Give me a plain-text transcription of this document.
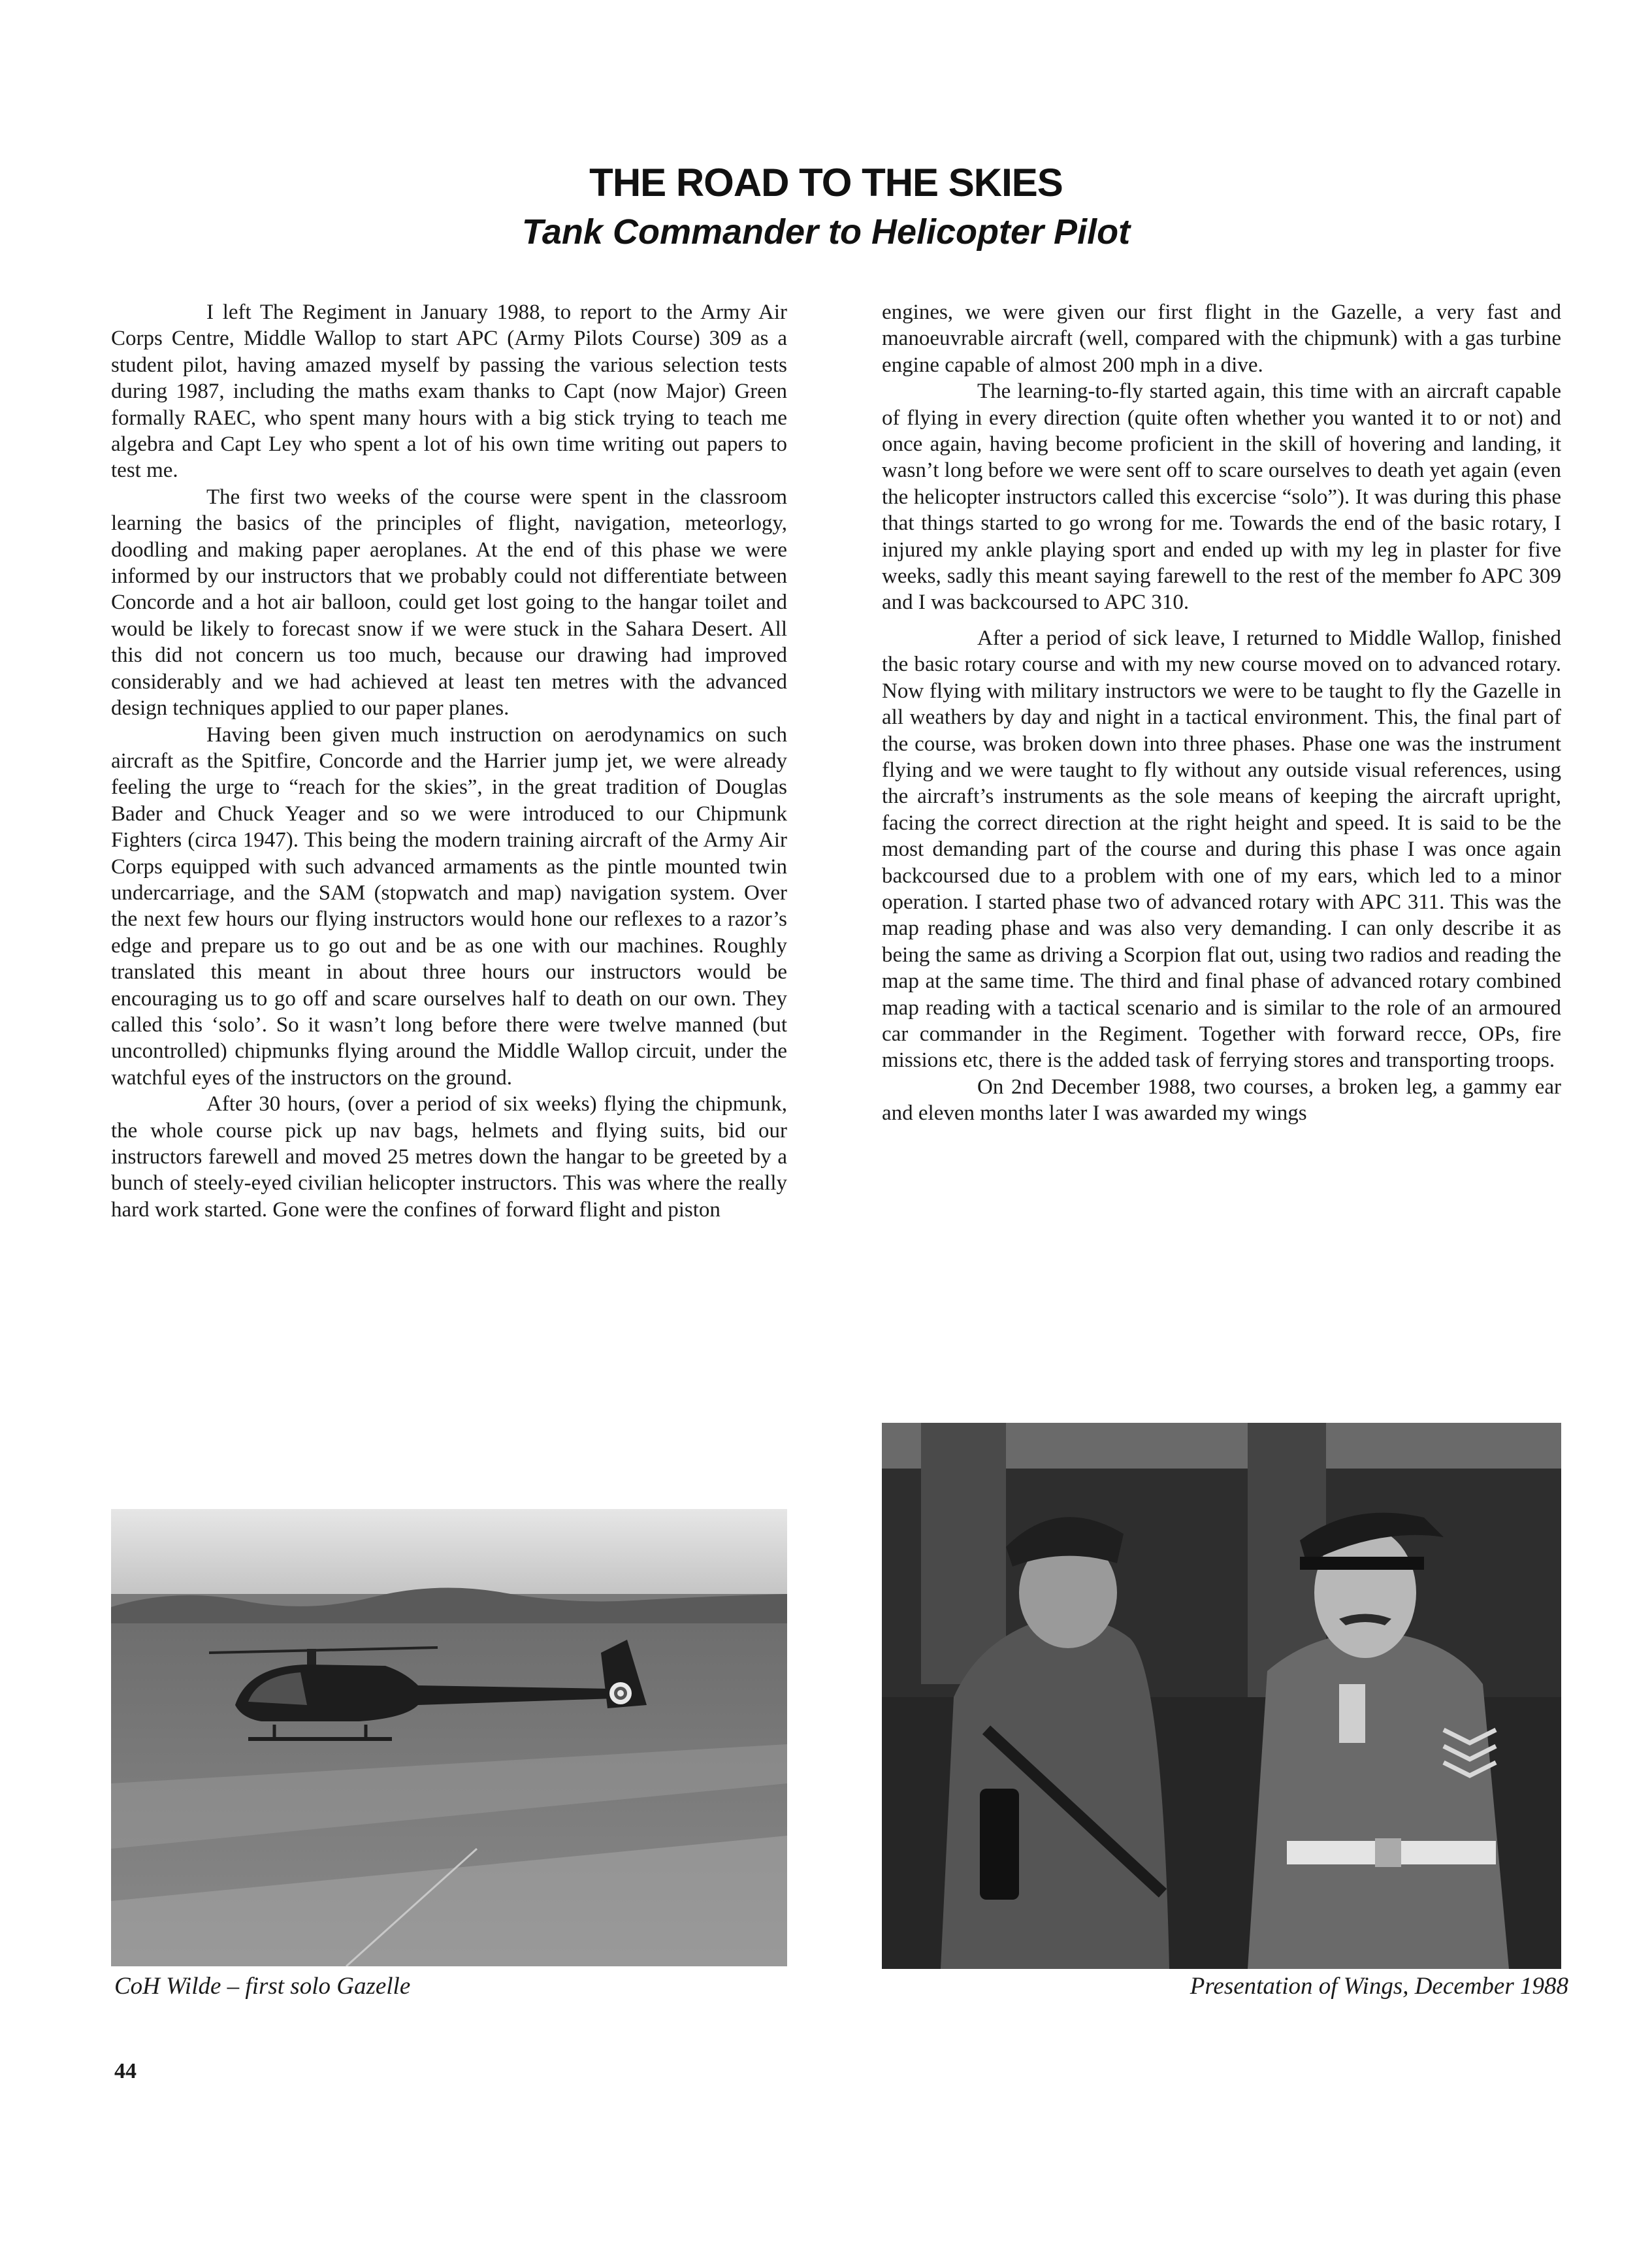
THE ROAD TO THE SKIES
Tank Commander to Helicopter Pilot

I left The Regiment in January 1988, to report to the Army Air Corps Centre, Middle Wallop to start APC (Army Pilots Course) 309 as a student pilot, having amazed myself by passing the various selection tests during 1987, including the maths exam thanks to Capt (now Major) Green formally RAEC, who spent many hours with a big stick trying to teach me algebra and Capt Ley who spent a lot of his own time writing out papers to test me.

The first two weeks of the course were spent in the classroom learning the basics of the principles of flight, navigation, meteorlogy, doodling and making paper aeroplanes. At the end of this phase we were informed by our instructors that we probably could not differentiate between Concorde and a hot air balloon, could get lost going to the hangar toilet and would be likely to forecast snow if we were stuck in the Sahara Desert. All this did not concern us too much, because our drawing had improved considerably and we had achieved at least ten metres with the advanced design techniques applied to our paper planes.

Having been given much instruction on aerodynamics on such aircraft as the Spitfire, Concorde and the Harrier jump jet, we were already feeling the urge to “reach for the skies”, in the great tradition of Douglas Bader and Chuck Yeager and so we were introduced to our Chipmunk Fighters (circa 1947). This being the modern training aircraft of the Army Air Corps equipped with such advanced armaments as the pintle mounted twin undercarriage, and the SAM (stopwatch and map) navigation system. Over the next few hours our flying instructors would hone our reflexes to a razor’s edge and prepare us to go out and be as one with our machines. Roughly translated this meant in about three hours our instructors would be encouraging us to go off and scare ourselves half to death on our own. They called this ‘solo’. So it wasn’t long before there were twelve manned (but uncontrolled) chipmunks flying around the Middle Wallop circuit, under the watchful eyes of the instructors on the ground.

After 30 hours, (over a period of six weeks) flying the chipmunk, the whole course pick up nav bags, helmets and flying suits, bid our instructors farewell and moved 25 metres down the hangar to be greeted by a bunch of steely-eyed civilian helicopter instructors. This was where the really hard work started. Gone were the confines of forward flight and piston

engines, we were given our first flight in the Gazelle, a very fast and manoeuvrable aircraft (well, compared with the chipmunk) with a gas turbine engine capable of almost 200 mph in a dive.

The learning-to-fly started again, this time with an aircraft capable of flying in every direction (quite often whether you wanted it to or not) and once again, having become proficient in the skill of hovering and landing, it wasn’t long before we were sent off to scare ourselves to death yet again (even the helicopter instructors called this excercise “solo”). It was during this phase that things started to go wrong for me. Towards the end of the basic rotary, I injured my ankle playing sport and ended up with my leg in plaster for five weeks, sadly this meant saying farewell to the rest of the member fo APC 309 and I was backcoursed to APC 310.

After a period of sick leave, I returned to Middle Wallop, finished the basic rotary course and with my new course moved on to advanced rotary. Now flying with military instructors we were to be taught to fly the Gazelle in all weathers by day and night in a tactical environment. This, the final part of the course, was broken down into three phases. Phase one was the instrument flying and we were taught to fly without any outside visual references, using the aircraft’s instruments as the sole means of keeping the aircraft upright, facing the correct direction at the right height and speed. It is said to be the most demanding part of the course and during this phase I was once again backcoursed due to a problem with one of my ears, which led to a minor operation. I started phase two of advanced rotary with APC 311. This was the map reading phase and was also very demanding. I can only describe it as being the same as driving a Scorpion flat out, using two radios and reading the map at the same time. The third and final phase of advanced rotary combined map reading with a tactical scenario and is similar to the role of an armoured car commander in the Regiment. Together with forward recce, OPs, fire missions etc, there is the added task of ferrying stores and transporting troops.

On 2nd December 1988, two courses, a broken leg, a gammy ear and eleven months later I was awarded my wings

CoH Wilde – first solo Gazelle	Presentation of Wings, December 1988

44
